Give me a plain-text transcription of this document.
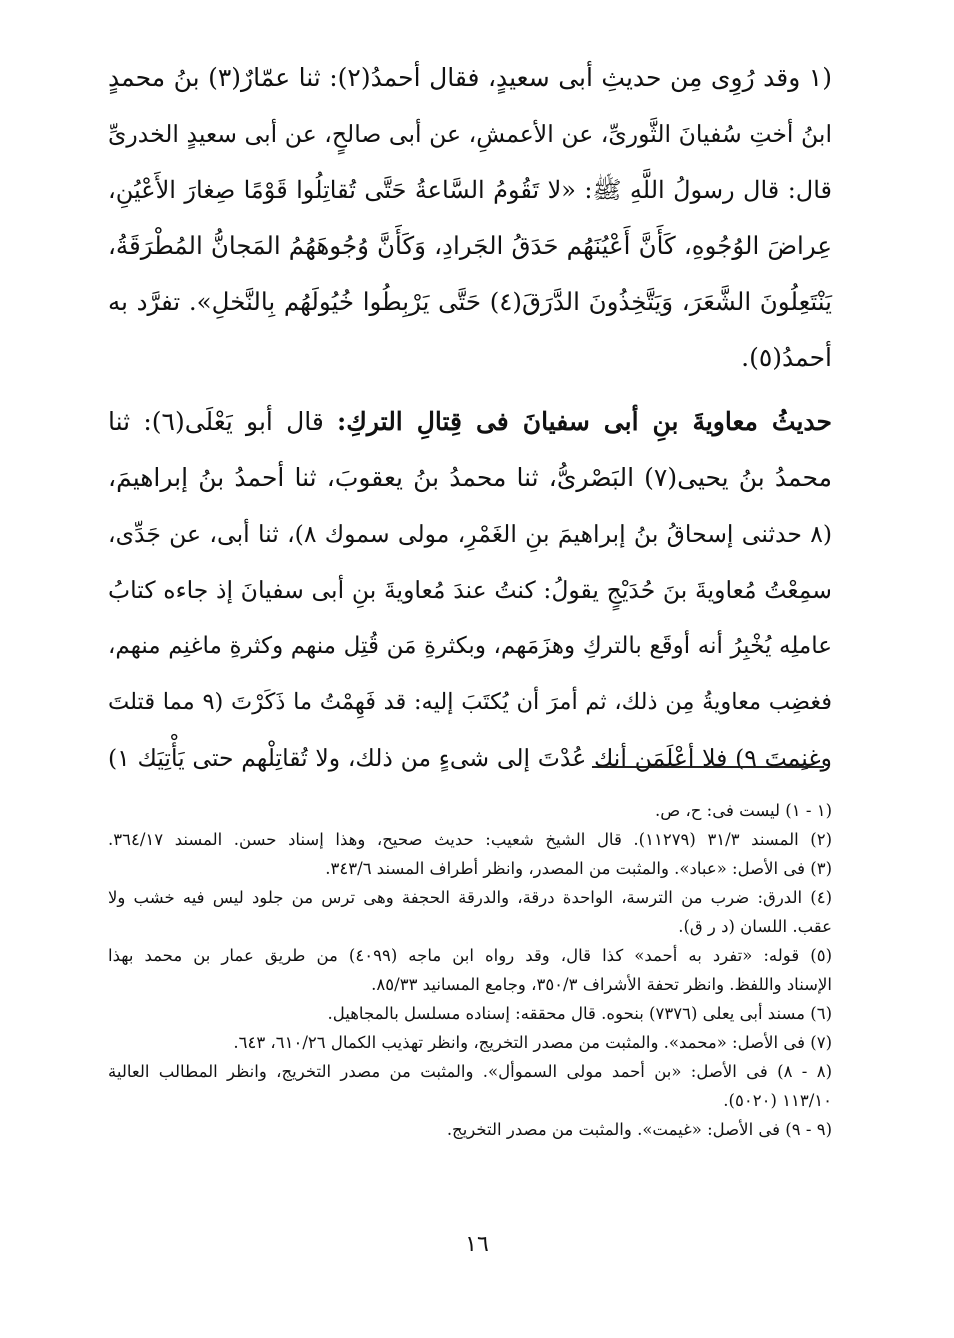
(١ وقد رُوِى مِن حديثِ أبى سعيدٍ، فقال أحمدُ(٢): ثنا عمّارٌ(٣) بنُ محمدٍ
ابنُ أختِ سُفيانَ الثَّورىِّ، عن الأعمشِ، عن أبى صالحٍ، عن أبى سعيدٍ الخدرىِّ
قال: قال رسولُ اللَّهِ ﷺ: «لا تَقُومُ السَّاعةُ حَتَّى تُقاتِلُوا قَوْمًا صِغارَ الأَعْيُنِ،
عِراضَ الوُجُوهِ، كَأَنَّ أَعْيُنَهُم حَدَقُ الجَرادِ، وَكَأَنَّ وُجُوهَهُمُ المَجانُّ المُطْرَقَةُ،
يَنْتَعِلُونَ الشَّعَرَ، وَيَتَّخِذُونَ الدَّرَقَ(٤) حَتَّى يَرْبِطُوا خُيُولَهُم بِالنَّخلِ». تفرَّد به
أحمدُ(٥).
حديثُ معاويةَ بنِ أبى سفيانَ فى قِتالِ التركِ: قال أبو يَعْلَى(٦): ثنا
محمدُ بنُ يحيى(٧) البَصْرىُّ، ثنا محمدُ بنُ يعقوبَ، ثنا أحمدُ بنُ إبراهيمَ،
(٨ حدثنى إسحاقُ بنُ إبراهيمَ بنِ الغَمْرِ، مولى سموك ٨)، ثنا أبى، عن جَدِّى،
سمِعْتُ مُعاويةَ بنَ حُدَيْجٍ يقولُ: كنتُ عندَ مُعاويةَ بنِ أبى سفيانَ إذ جاءه كتابُ
عاملِه يُخْبِرُ أنه أوقَع بالتركِ وهزَمَهم، وبكثرةِ مَن قُتِل منهم وكثرةِ ماغنِم منهم،
فغضِب معاويةُ مِن ذلك، ثم أمرَ أن يُكتَبَ إليه: قد فَهِمْتُ ما ذَكَرْتَ (٩ مما قتلتَ
وغنِمتَ ٩) فلا أعْلَمَن أنك عُدْتَ إلى شىءٍ من ذلك، ولا تُقاتِلْهم حتى يَأْتِيَك ١)
(١ - ١) ليست فى: ح، ص.
(٢) المسند ٣١/٣ (١١٢٧٩). قال الشيخ شعيب: حديث صحيح، وهذا إسناد حسن. المسند ٣٦٤/١٧.
(٣) فى الأصل: «عباد». والمثبت من المصدر، وانظر أطراف المسند ٣٤٣/٦.
(٤) الدرق: ضرب من الترسة، الواحدة درقة، والدرقة الحجفة وهى ترس من جلود ليس فيه خشب ولا
عقب. اللسان (د ر ق).
(٥) قوله: «تفرد به أحمد» كذا قال، وقد رواه ابن ماجه (٤٠٩٩) من طريق عمار بن محمد بهذا
الإسناد واللفظ. وانظر تحفة الأشراف ٣٥٠/٣، وجامع المسانيد ٨٥/٣٣.
(٦) مسند أبى يعلى (٧٣٧٦) بنحوه. قال محققه: إسناده مسلسل بالمجاهيل.
(٧) فى الأصل: «محمد». والمثبت من مصدر التخريج، وانظر تهذيب الكمال ٦١٠/٢٦، ٦٤٣.
(٨ - ٨) فى الأصل: «بن أحمد مولى السموأل». والمثبت من مصدر التخريج، وانظر المطالب العالية
١١٣/١٠ (٥٠٢٠).
(٩ - ٩) فى الأصل: «غيمت». والمثبت من مصدر التخريج.
١٦
